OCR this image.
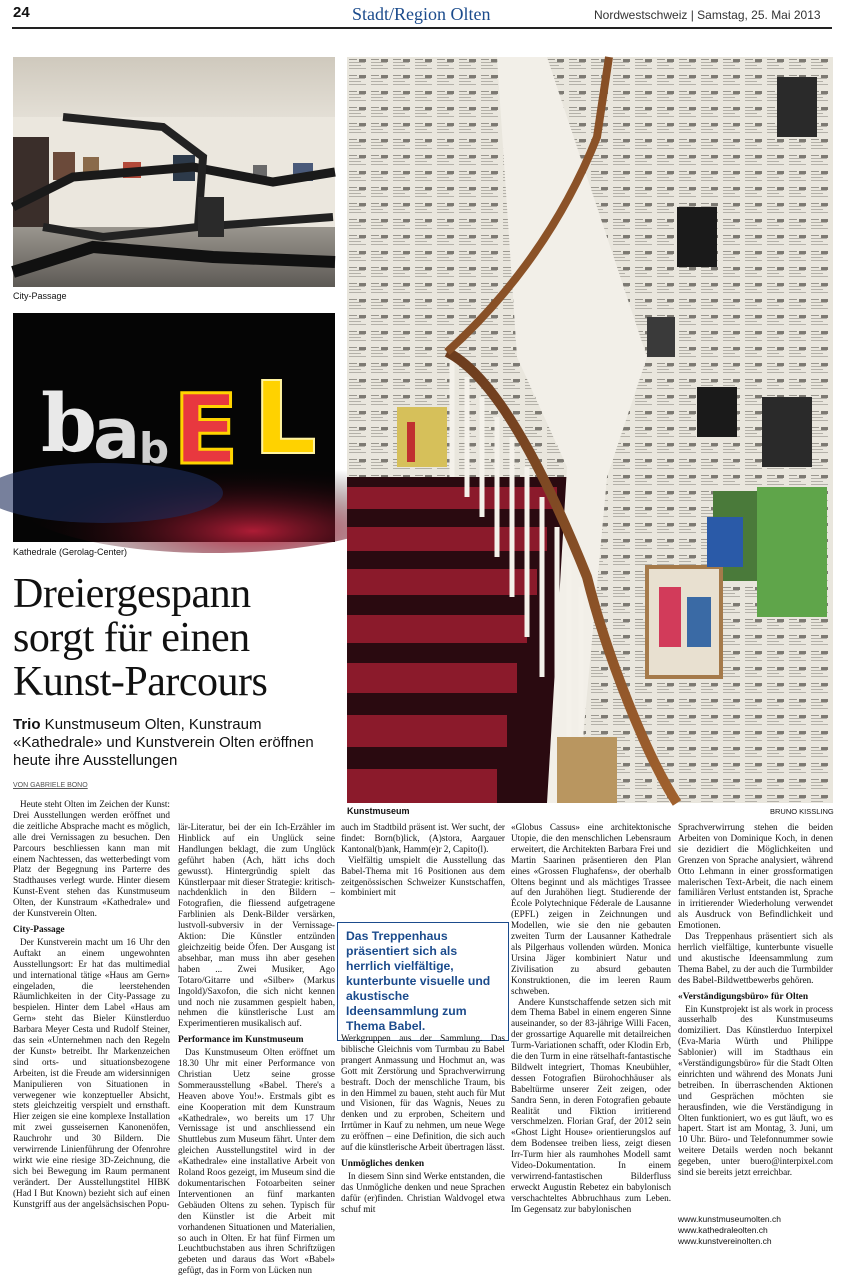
24	Stadt/Region Olten	Nordwestschweiz | Samstag, 25. Mai 2013
City-Passage
b
a
b E L
Kathedrale (Gerolag-Center)
Kunstmuseum	BRUNO KISSLING
Dreiergespann sorgt für einen Kunst-Parcours
Trio Kunstmuseum Olten, Kunstraum «Kathedrale» und Kunstverein Olten eröffnen heute ihre Ausstellungen
VON GABRIELE BONO

Heute steht Olten im Zeichen der Kunst: Drei Ausstellungen werden eröffnet und die zeitliche Absprache macht es möglich, alle drei Vernissagen zu besuchen. Den Parcours beschliessen kann man mit einem Nachtessen, das wetterbedingt vom Platz der Begegnung ins Parterre des Stadthauses verlegt wurde. Hinter diesem Kunst-Event stehen das Kunstmuseum Olten, der Kunstraum «Kathedrale» und der Kunstverein Olten.

City-Passage

Der Kunstverein macht um 16 Uhr den Auftakt an einem ungewohnten Ausstellungsort: Er hat das multimedial und international tätige «Haus am Gern» eingeladen, die leerstehenden Räumlichkeiten in der City-Passage zu bespielen. Hinter dem Label «Haus am Gern» steht das Bieler Künstlerduo Barbara Meyer Cesta und Rudolf Steiner, das sein «Unternehmen nach den Regeln der Kunst» betreibt. Ihr Markenzeichen sind orts- und situationsbezogene Arbeiten, ist die Freude am widersinnigen Manipulieren von Situationen in verwegener wie konzeptueller Absicht, stets gleichzeitig verspielt und ernsthaft. Hier zeigen sie eine komplexe Installation mit zwei gusseisernen Kanonenöfen, Rauchrohr und 30 Bildern. Die verwirrende Linienführung der Ofenrohre wirkt wie eine riesige 3D-Zeichnung, die sich bei Bewegung im Raum permanent verändert. Der Ausstellungstitel HIBK (Had I But Known) bezieht sich auf einen Kunstgriff aus der angelsächsischen Popu-

lär-Literatur, bei der ein Ich-Erzähler im Hinblick auf ein Unglück seine Handlungen beklagt, die zum Unglück geführt haben (Ach, hätt ichs doch gewusst). Hintergründig spielt das Künstlerpaar mit dieser Strategie: kritisch-nachdenklich in den Bildern – Fotografien, die fliessend aufgetragene Farblinien als Denk-Bilder versärken, lustvoll-subversiv in der Vernissage-Aktion: Die Künstler entzünden gleichzeitig beide Öfen. Der Ausgang ist absehbar, man muss ihn aber gesehen haben ... Zwei Musiker, Ago Totaro/Gitarre und «Silber» (Markus Ingold)/Saxofon, die sich nicht kennen und noch nie zusammen gespielt haben, nehmen die künstlerische Lust am Experimentieren musikalisch auf.

Performance im Kunstmuseum

Das Kunstmuseum Olten eröffnet um 18.30 Uhr mit einer Performance von Christian Uetz seine grosse Sommerausstellung «Babel. There's a Heaven above You!». Erstmals gibt es eine Kooperation mit dem Kunstraum «Kathedrale», wo bereits um 17 Uhr Vernissage ist und anschliessend ein Shuttlebus zum Museum fährt. Unter dem gleichen Ausstellungstitel wird in der «Kathedrale» eine installative Arbeit von Roland Roos gezeigt, im Museum sind die dokumentarischen Fotoarbeiten seiner Interventionen an fünf markanten Gebäuden Oltens zu sehen. Typisch für den Künstler ist die Arbeit mit vorhandenen Situationen und Materialien, so auch in Olten. Er hat fünf Firmen um Leuchtbuchstaben aus ihren Schriftzügen gebeten und daraus das Wort «Babel» gefügt, das in Form von Lücken nun

auch im Stadtbild präsent ist. Wer sucht, der findet: Born(b)lick, (A)stora, Aargauer Kantonal(b)ank, Hamm(e)r 2, Capito(l).

Vielfältig umspielt die Ausstellung das Babel-Thema mit 16 Positionen aus dem zeitgenössischen Schweizer Kunstschaffen, kombiniert mit

Das Treppenhaus präsentiert sich als herrlich vielfältige, kunterbunte visuelle und akustische Ideensammlung zum Thema Babel.

Werkgruppen aus der Sammlung. Das biblische Gleichnis vom Turmbau zu Babel prangert Anmassung und Hochmut an, was Gott mit Zerstörung und Sprachverwirrung bestraft. Doch der menschliche Traum, bis in den Himmel zu bauen, steht auch für Mut und Visionen, für das Wagnis, Neues zu denken und zu erproben, Scheitern und Irrtümer in Kauf zu nehmen, um neue Wege zu eröffnen – eine Definition, die sich auch auf die künstlerische Arbeit übertragen lässt.

Unmögliches denken

In diesem Sinn sind Werke entstanden, die das Unmögliche denken und neue Sprachen dafür (er)finden. Christian Waldvogel etwa schuf mit

«Globus Cassus» eine architektonische Utopie, die den menschlichen Lebensraum erweitert, die Architekten Barbara Frei und Martin Saarinen präsentieren den Plan eines «Grossen Flughafens», der oberhalb Oltens beginnt und als mächtiges Trassee auf den Jurahöhen liegt. Studierende der École Polytechnique Féderale de Lausanne (EPFL) zeigen in Zeichnungen und Modellen, wie sie den nie gebauten zweiten Turm der Lausanner Kathedrale als Pilgerhaus vollenden würden. Monica Ursina Jäger kombiniert Natur und Zivilisation zu absurd gebauten Konstruktionen, die im leeren Raum schweben.

Andere Kunstschaffende setzen sich mit dem Thema Babel in einem engeren Sinne auseinander, so der 83-jährige Willi Facen, der grossartige Aquarelle mit detailreichen Turm-Variationen schafft, oder Klodin Erb, die den Turm in eine rätselhaft-fantastische Bildwelt integriert, Thomas Kneubühler, dessen Fotografien Bürohochhäuser als Babeltürme unserer Zeit zeigen, oder Sandra Senn, in deren Fotografien gebaute Realität und Fiktion irritierend verschmelzen. Florian Graf, der 2012 sein «Ghost Light House» orientierungslos auf dem Bodensee treiben liess, zeigt diesen Irr-Turm hier als raumhohes Modell samt Video-Dokumentation. In einem verwirrend-fantastischen Bilderfluss erweckt Augustin Rebetez ein babylonisch verschachteltes Abbruchhaus zum Leben. Im Gegensatz zur babylonischen

Sprachverwirrung stehen die beiden Arbeiten von Dominique Koch, in denen sie dezidiert die Möglichkeiten und Grenzen von Sprache analysiert, während Otto Lehmann in einer grossformatigen malerischen Text-Arbeit, die nach einem familiären Verlust entstanden ist, Sprache in irritierender Wiederholung verwendet als Ausdruck von Befindlichkeit und Emotionen.

Das Treppenhaus präsentiert sich als herrlich vielfältige, kunterbunte visuelle und akustische Ideensammlung zum Thema Babel, zu der auch die Turmbilder des Babel-Bildwettbewerbs gehören.

«Verständigungsbüro» für Olten

Ein Kunstprojekt ist als work in process ausserhalb des Kunstmuseums domiziliert. Das Künstlerduo Interpixel (Eva-Maria Würth und Philippe Sablonier) will im Stadthaus ein «Verständigungsbüro» für die Stadt Olten einrichten und während des Monats Juni betreiben. In überraschenden Aktionen und Gesprächen möchten sie herausfinden, wie die Verständigung in Olten funktioniert, wo es gut läuft, wo es hapert. Start ist am Montag, 3. Juni, um 10 Uhr. Büro- und Telefonnummer sowie weitere Details werden noch bekannt gegeben, unter buero@interpixel.com sind sie bereits jetzt erreichbar.

www.kunstmuseumolten.ch
www.kathedraleolten.ch
www.kunstvereinolten.ch
